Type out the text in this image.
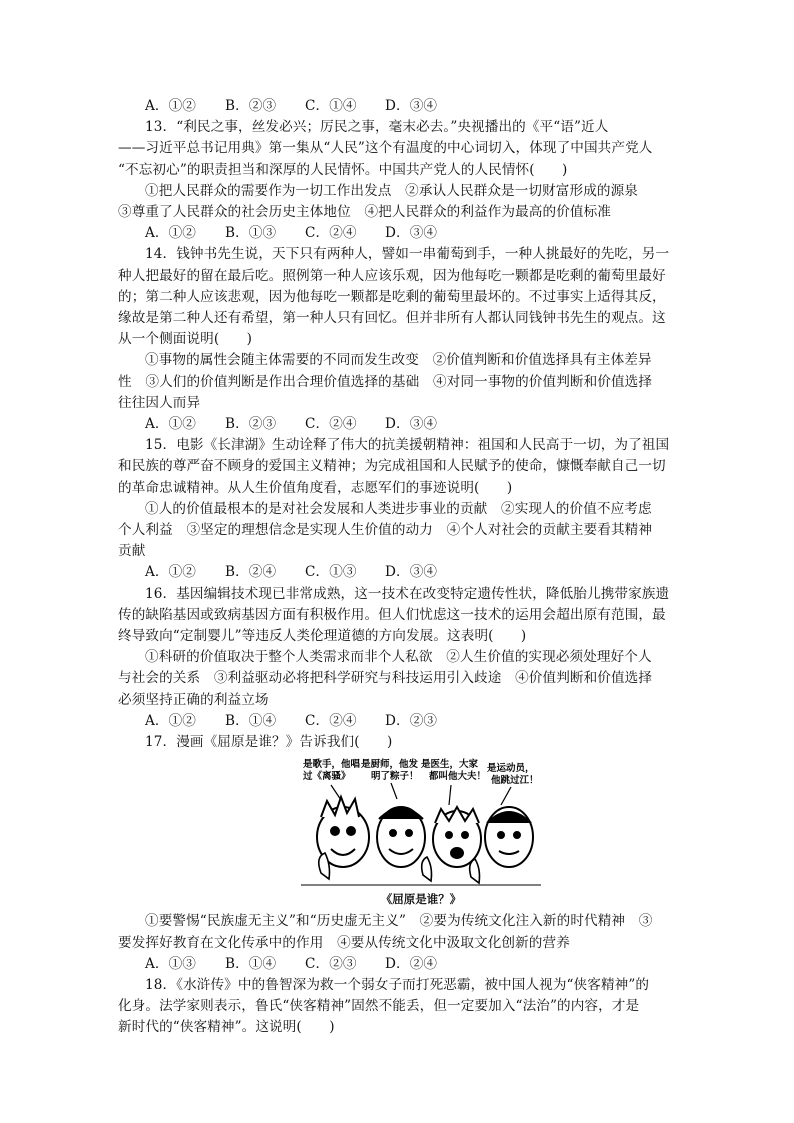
A．①② B．②③ C．①④ D．③④
13．“利民之事，丝发必兴；厉民之事，毫末必去。”央视播出的《平“语”近人
——习近平总书记用典》第一集从“人民”这个有温度的中心词切入，体现了中国共产党人
“不忘初心”的职责担当和深厚的人民情怀。中国共产党人的人民情怀(　　)
①把人民群众的需要作为一切工作出发点　②承认人民群众是一切财富形成的源泉
③尊重了人民群众的社会历史主体地位　④把人民群众的利益作为最高的价值标准
A．①② B．①③ C．②④ D．③④
14．钱钟书先生说，天下只有两种人，譬如一串葡萄到手，一种人挑最好的先吃，另一
种人把最好的留在最后吃。照例第一种人应该乐观，因为他每吃一颗都是吃剩的葡萄里最好
的；第二种人应该悲观，因为他每吃一颗都是吃剩的葡萄里最坏的。不过事实上适得其反，
缘故是第二种人还有希望，第一种人只有回忆。但并非所有人都认同钱钟书先生的观点。这
从一个侧面说明(　　)
①事物的属性会随主体需要的不同而发生改变　②价值判断和价值选择具有主体差异
性　③人们的价值判断是作出合理价值选择的基础　④对同一事物的价值判断和价值选择
往往因人而异
A．①② B．②③ C．②④ D．③④
15．电影《长津湖》生动诠释了伟大的抗美援朝精神：祖国和人民高于一切，为了祖国
和民族的尊严奋不顾身的爱国主义精神；为完成祖国和人民赋予的使命，慷慨奉献自己一切
的革命忠诚精神。从人生价值角度看，志愿军们的事迹说明(　　)
①人的价值最根本的是对社会发展和人类进步事业的贡献　②实现人的价值不应考虑
个人利益　③坚定的理想信念是实现人生价值的动力　④个人对社会的贡献主要看其精神
贡献
A．①② B．②④ C．①③ D．③④
16．基因编辑技术现已非常成熟，这一技术在改变特定遗传性状，降低胎儿携带家族遗
传的缺陷基因或致病基因方面有积极作用。但人们忧虑这一技术的运用会超出原有范围，最
终导致向“定制婴儿”等违反人类伦理道德的方向发展。这表明(　　)
①科研的价值取决于整个人类需求而非个人私欲　②人生价值的实现必须处理好个人
与社会的关系　③利益驱动必将把科学研究与科技运用引入歧途　④价值判断和价值选择
必须坚持正确的利益立场
A．①② B．①④ C．②④ D．②③
17．漫画《屈原是谁？》告诉我们(　　)
是歌手，他唱
过《离骚》
是厨师，他发
明了粽子！
是医生，大家
都叫他大夫！
是运动员，
他跳过江！
《屈原是谁？》
①要警惕“民族虚无主义”和“历史虚无主义”　②要为传统文化注入新的时代精神　③
要发挥好教育在文化传承中的作用　④要从传统文化中汲取文化创新的营养
A．①③ B．①④ C．②③ D．②④
18．《水浒传》中的鲁智深为救一个弱女子而打死恶霸，被中国人视为“侠客精神”的
化身。法学家则表示，鲁氏“侠客精神”固然不能丢，但一定要加入“法治”的内容，才是
新时代的“侠客精神”。这说明(　　)
